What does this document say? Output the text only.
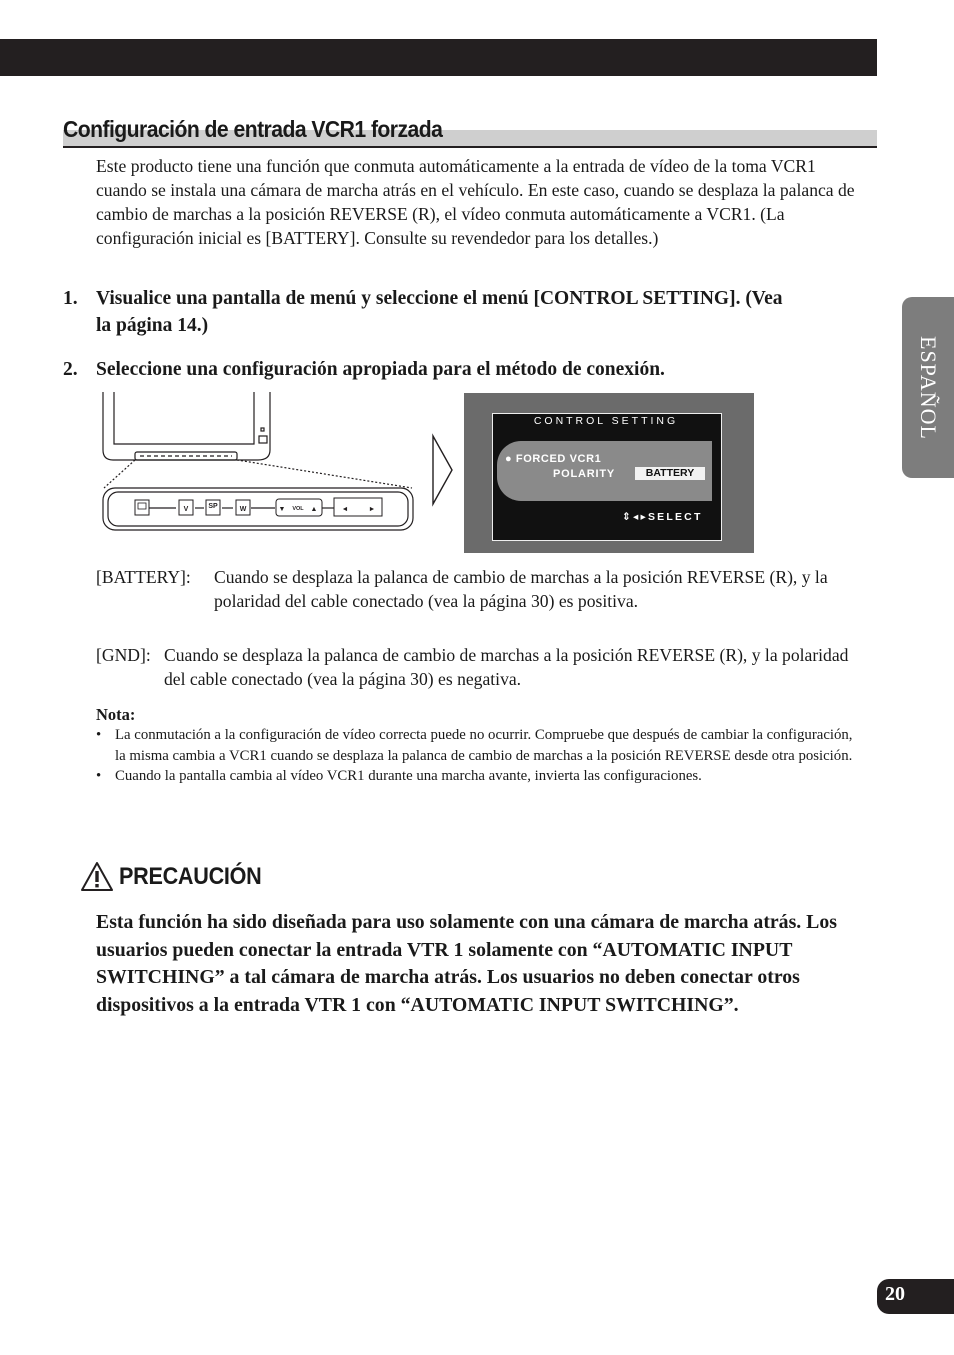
Configuración de entrada VCR1 forzada

Este producto tiene una función que conmuta automáticamente a la entrada de vídeo de la toma VCR1 cuando se instala una cámara de marcha atrás en el vehículo. En este caso, cuando se desplaza la palanca de cambio de marchas a la posición REVERSE (R), el vídeo conmuta automáticamente a VCR1. (La configuración inicial es [BATTERY]. Consulte su revendedor para los detalles.)

1. Visualice una pantalla de menú y seleccione el menú [CONTROL SETTING]. (Vea la página 14.)

2. Seleccione una configuración apropiada para el método de conexión.

V	SP	W	▼ VOL ▲	◄	►
CONTROL SETTING
● FORCED VCR1
POLARITY	BATTERY
⇕◂▸SELECT

[BATTERY]: Cuando se desplaza la palanca de cambio de marchas a la posición REVERSE (R), y la polaridad del cable conectado (vea la página 30) es positiva.

[GND]: Cuando se desplaza la palanca de cambio de marchas a la posición REVERSE (R), y la polaridad del cable conectado (vea la página 30) es negativa.

Nota:

• La conmutación a la configuración de vídeo correcta puede no ocurrir. Compruebe que después de cambiar la configuración, la misma cambia a VCR1 cuando se desplaza la palanca de cambio de marchas a la posición REVERSE desde otra posición.
• Cuando la pantalla cambia al vídeo VCR1 durante una marcha avante, invierta las configuraciones.
PRECAUCIÓN

Esta función ha sido diseñada para uso solamente con una cámara de marcha atrás. Los usuarios pueden conectar la entrada VTR 1 solamente con “AUTOMATIC INPUT SWITCHING” a tal cámara de marcha atrás. Los usuarios no deben conectar otros dispositivos a la entrada VTR 1 con “AUTOMATIC INPUT SWITCHING”.

ESPAÑOL
20
